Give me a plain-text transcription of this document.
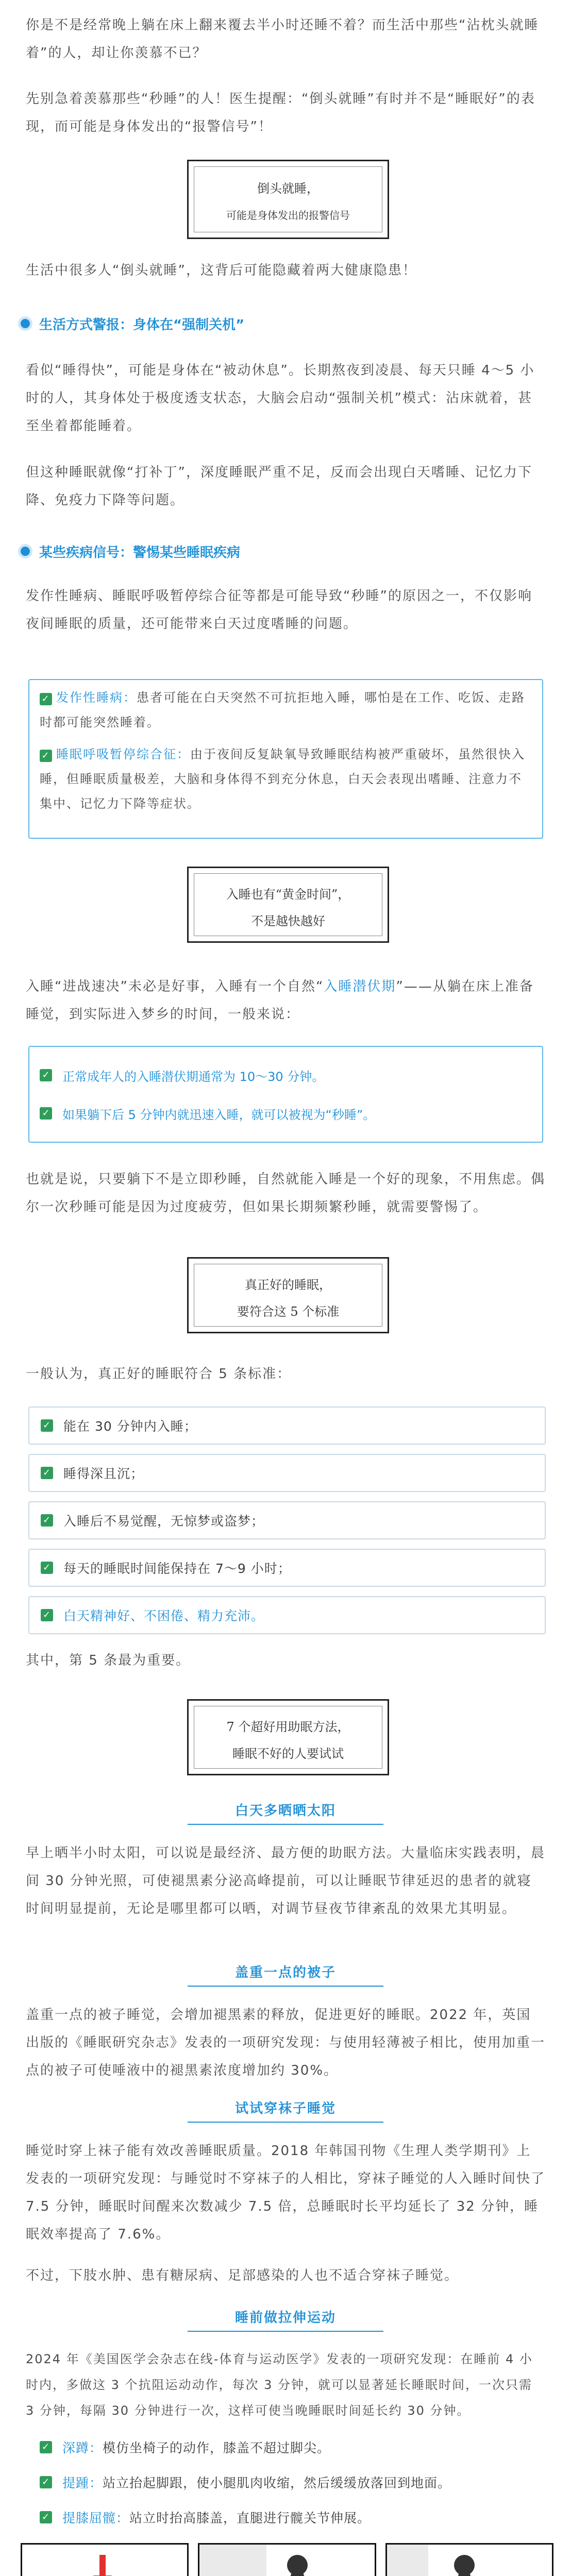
你是不是经常晚上躺在床上翻来覆去半小时还睡不着？而生活中那些“沾枕头就睡着”的人，却让你羡慕不已？

先别急着羡慕那些“秒睡”的人！医生提醒：“倒头就睡”有时并不是“睡眠好”的表现，而可能是身体发出的“报警信号”！

倒头就睡，

可能是身体发出的报警信号

生活中很多人“倒头就睡”，这背后可能隐藏着两大健康隐患！

生活方式警报：身体在“强制关机”

看似“睡得快”，可能是身体在“被动休息”。长期熬夜到凌晨、每天只睡 4～5 小时的人，其身体处于极度透支状态，大脑会启动“强制关机”模式：沾床就着，甚至坐着都能睡着。

但这种睡眠就像“打补丁”，深度睡眠严重不足，反而会出现白天嗜睡、记忆力下降、免疫力下降等问题。

某些疾病信号：警惕某些睡眠疾病

发作性睡病、睡眠呼吸暂停综合征等都是可能导致“秒睡”的原因之一，不仅影响夜间睡眠的质量，还可能带来白天过度嗜睡的问题。

✓ 发作性睡病：患者可能在白天突然不可抗拒地入睡，哪怕是在工作、吃饭、走路时都可能突然睡着。

✓ 睡眠呼吸暂停综合征：由于夜间反复缺氧导致睡眠结构被严重破坏，虽然很快入睡，但睡眠质量极差，大脑和身体得不到充分休息，白天会表现出嗜睡、注意力不集中、记忆力下降等症状。

入睡也有“黄金时间”，

不是越快越好

入睡“进战速决”未必是好事，入睡有一个自然“入睡潜伏期”——从躺在床上准备睡觉，到实际进入梦乡的时间，一般来说：

✓ 正常成年人的入睡潜伏期通常为 10～30 分钟。
✓ 如果躺下后 5 分钟内就迅速入睡，就可以被视为“秒睡”。

也就是说，只要躺下不是立即秒睡，自然就能入睡是一个好的现象，不用焦虑。偶尔一次秒睡可能是因为过度疲劳，但如果长期频繁秒睡，就需要警惕了。

真正好的睡眠，

要符合这 5 个标准

一般认为，真正好的睡眠符合 5 条标准：

✓ 能在 30 分钟内入睡；
✓ 睡得深且沉；
✓ 入睡后不易觉醒，无惊梦或盗梦；
✓ 每天的睡眠时间能保持在 7～9 小时；
✓ 白天精神好、不困倦、精力充沛。

其中，第 5 条最为重要。

7 个超好用助眠方法，

睡眠不好的人要试试

白天多晒晒太阳

早上晒半小时太阳，可以说是最经济、最方便的助眠方法。大量临床实践表明，晨间 30 分钟光照，可使褪黑素分泌高峰提前，可以让睡眠节律延迟的患者的就寝时间明显提前，无论是哪里都可以晒，对调节昼夜节律紊乱的效果尤其明显。

盖重一点的被子

盖重一点的被子睡觉，会增加褪黑素的释放，促进更好的睡眠。2022 年，英国出版的《睡眠研究杂志》发表的一项研究发现：与使用轻薄被子相比，使用加重一点的被子可使唾液中的褪黑素浓度增加约 30%。

试试穿袜子睡觉

睡觉时穿上袜子能有效改善睡眠质量。2018 年韩国刊物《生理人类学期刊》上发表的一项研究发现：与睡觉时不穿袜子的人相比，穿袜子睡觉的人入睡时间快了 7.5 分钟，睡眠时间醒来次数减少 7.5 倍，总睡眠时长平均延长了 32 分钟，睡眠效率提高了 7.6%。

不过，下肢水肿、患有糖尿病、足部感染的人也不适合穿袜子睡觉。

睡前做拉伸运动

2024 年《美国医学会杂志在线-体育与运动医学》发表的一项研究发现：在睡前 4 小时内，多做这 3 个抗阻运动动作，每次 3 分钟，就可以显著延长睡眠时间，一次只需 3 分钟，每隔 30 分钟进行一次，这样可使当晚睡眠时间延长约 30 分钟。

✓ 深蹲： 模仿坐椅子的动作，膝盖不超过脚尖。
✓ 提踵： 站立抬起脚跟，使小腿肌肉收缩，然后缓缓放落回到地面。
✓ 提膝屈髋： 站立时抬高膝盖，直腿进行髋关节伸展。
